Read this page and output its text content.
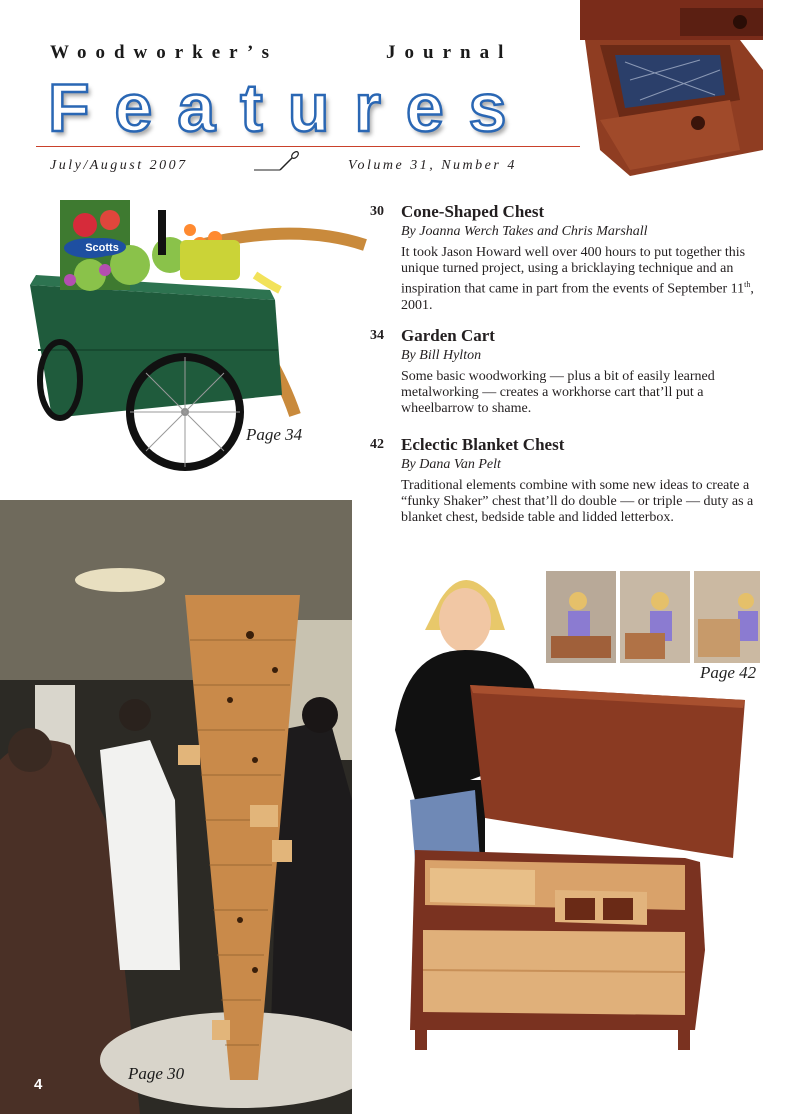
Woodworker’s	Journal
Features
July/August 2007	Volume 31, Number 4
Scotts
Page 34
30 Cone-Shaped Chest
By Joanna Werch Takes and Chris Marshall
It took Jason Howard well over 400 hours to put together this unique turned project, using a bricklaying technique and an inspiration that came in part from the events of September 11th, 2001.
34 Garden Cart
By Bill Hylton
Some basic woodworking — plus a bit of easily learned metalworking — creates a workhorse cart that’ll put a wheelbarrow to shame.
42 Eclectic Blanket Chest
By Dana Van Pelt
Traditional elements combine with some new ideas to create a “funky Shaker” chest that’ll do double — or triple — duty as a blanket chest, bedside table and lidded letterbox.
Page 30
4
Page 42
